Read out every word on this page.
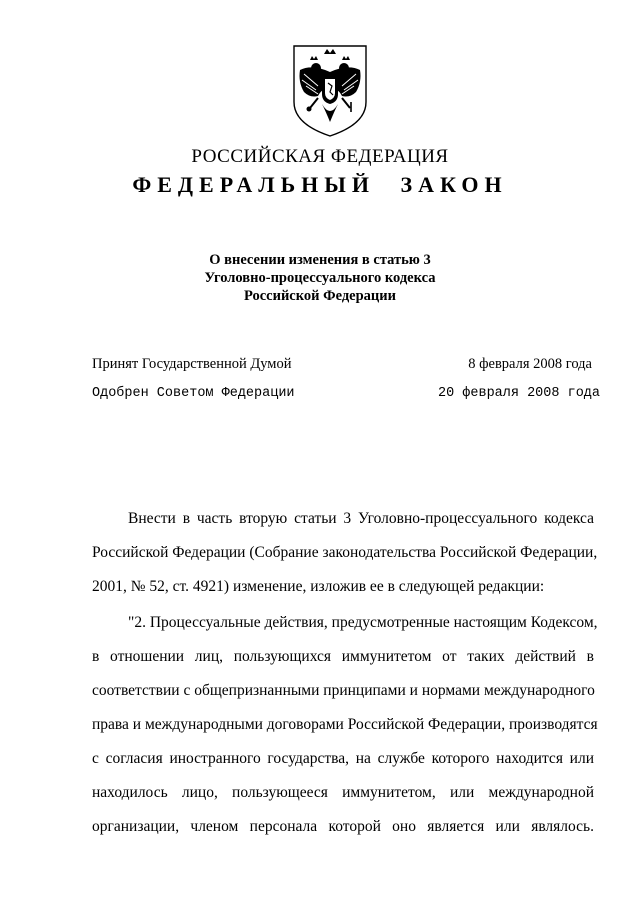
РОССИЙСКАЯ ФЕДЕРАЦИЯ
ФЕДЕРАЛЬНЫЙ ЗАКОН
О внесении изменения в статью 3
Уголовно-процессуального кодекса
Российской Федерации
Принят Государственной Думой	8 февраля 2008 года
Одобрен Советом Федерации	20 февраля 2008 года
Внести в часть вторую статьи 3 Уголовно-процессуального кодекса
Российской Федерации (Собрание законодательства Российской Федерации,
2001, № 52, ст. 4921) изменение, изложив ее в следующей редакции:
"2. Процессуальные действия, предусмотренные настоящим Кодексом,
в отношении лиц, пользующихся иммунитетом от таких действий в
соответствии с общепризнанными принципами и нормами международного
права и международными договорами Российской Федерации, производятся
с согласия иностранного государства, на службе которого находится или
находилось лицо, пользующееся иммунитетом, или международной
организации, членом персонала которой оно является или являлось.
